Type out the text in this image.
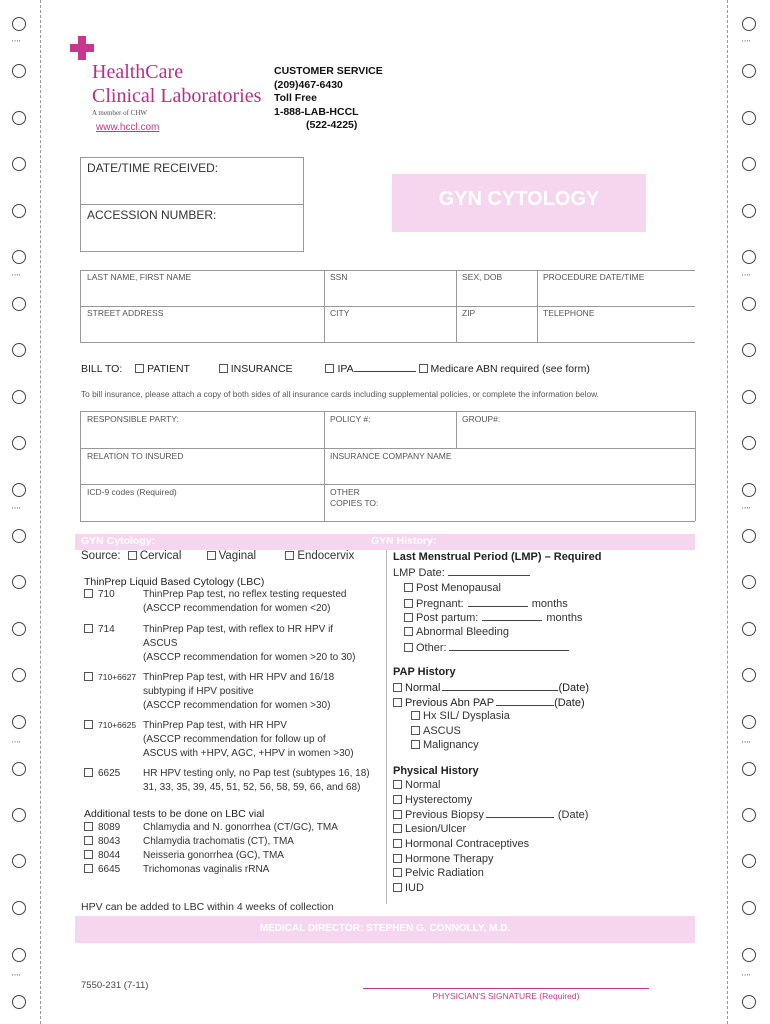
′′′′
′′′′
′′′′
′′′′
′′′′
′′′′
′′′′
′′′′
′′′′
′′′′
HealthCare
Clinical Laboratories
A member of CHW
www.hccl.com
CUSTOMER SERVICE
(209)467-6430
Toll Free
1-888-LAB-HCCL
(522-4225)
DATE/TIME RECEIVED:
ACCESSION NUMBER:
GYN CYTOLOGY
LAST NAME, FIRST NAME	SSN	SEX, DOB	PROCEDURE DATE/TIME
STREET ADDRESS	CITY	ZIP	TELEPHONE
BILL TO: PATIENT	INSURANCE	IPA	Medicare ABN required (see form)
To bill insurance, please attach a copy of both sides of all insurance cards including supplemental policies, or complete the information below.
RESPONSIBLE PARTY:	POLICY #:	GROUP#:
RELATION TO INSURED	INSURANCE COMPANY NAME
ICD-9 codes (Required)	OTHER
COPIES TO:
GYN Cytology:	GYN History:
Source: Cervical	Vaginal	Endocervix
ThinPrep Liquid Based Cytology (LBC)
710	ThinPrep Pap test, no reflex testing requested
(ASCCP recommendation for women <20)
714	ThinPrep Pap test, with reflex to HR HPV if
ASCUS
(ASCCP recommendation for women >20 to 30)
710+6627 ThinPrep Pap test, with HR HPV and 16/18
subtyping if HPV positive
(ASCCP recommendation for women >30)
710+6625 ThinPrep Pap test, with HR HPV
(ASCCP recommendation for follow up of
ASCUS with +HPV, AGC, +HPV in women >30)
6625 HR HPV testing only, no Pap test (subtypes 16, 18)
31, 33, 35, 39, 45, 51, 52, 56, 58, 59, 66, and 68)
Additional tests to be done on LBC vial
8089 Chlamydia and N. gonorrhea (CT/GC), TMA
8043 Chlamydia trachomatis (CT), TMA
8044 Neisseria gonorrhea (GC), TMA
6645 Trichomonas vaginalis rRNA
HPV can be added to LBC within 4 weeks of collection
Last Menstrual Period (LMP) – Required
LMP Date:
Post Menopausal
Pregnant:	months
Post partum:	months
Abnormal Bleeding
Other:
PAP History
Normal	(Date)
Previous Abn PAP	(Date)
Hx SIL/ Dysplasia
ASCUS
Malignancy
Physical History
Normal
Hysterectomy
Previous Biopsy	(Date)
Lesion/Ulcer
Hormonal Contraceptives
Hormone Therapy
Pelvic Radiation
IUD
MEDICAL DIRECTOR: STEPHEN G. CONNOLLY, M.D.
7550-231 (7-11)
PHYSICIAN'S SIGNATURE (Required)
